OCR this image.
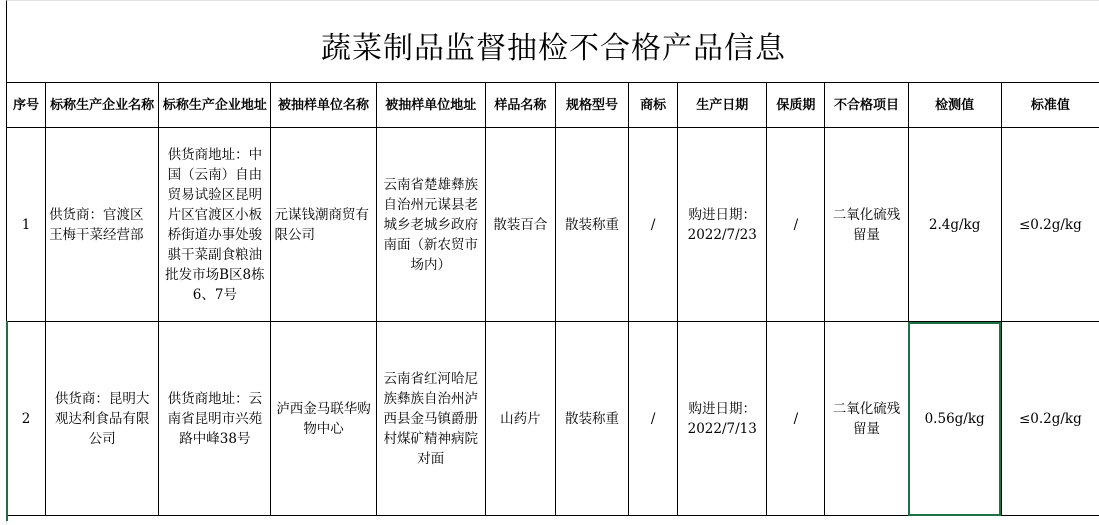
蔬菜制品监督抽检不合格产品信息
序号	标称生产企业名称	标称生产企业地址	被抽样单位名称	被抽样单位地址	样品名称	规格型号	商标	生产日期	保质期	不合格项目	检测值	标准值
1	供货商：官渡区王梅干菜经营部	供货商地址：中国（云南）自由贸易试验区昆明片区官渡区小板桥街道办事处骏骐干菜副食粮油批发市场B区8栋6、7号	元谋钱潮商贸有限公司	云南省楚雄彝族自治州元谋县老城乡老城乡政府南面（新农贸市场内）	散装百合	散装称重	/	购进日期：2022/7/23	/	二氧化硫残留量	2.4g/kg	≤0.2g/kg
2	供货商：昆明大观达利食品有限公司	供货商地址：云南省昆明市兴苑路中峰38号	泸西金马联华购物中心	云南省红河哈尼族彝族自治州泸西县金马镇爵册村煤矿精神病院对面	山药片	散装称重	/	购进日期：2022/7/13	/	二氧化硫残留量	0.56g/kg	≤0.2g/kg
